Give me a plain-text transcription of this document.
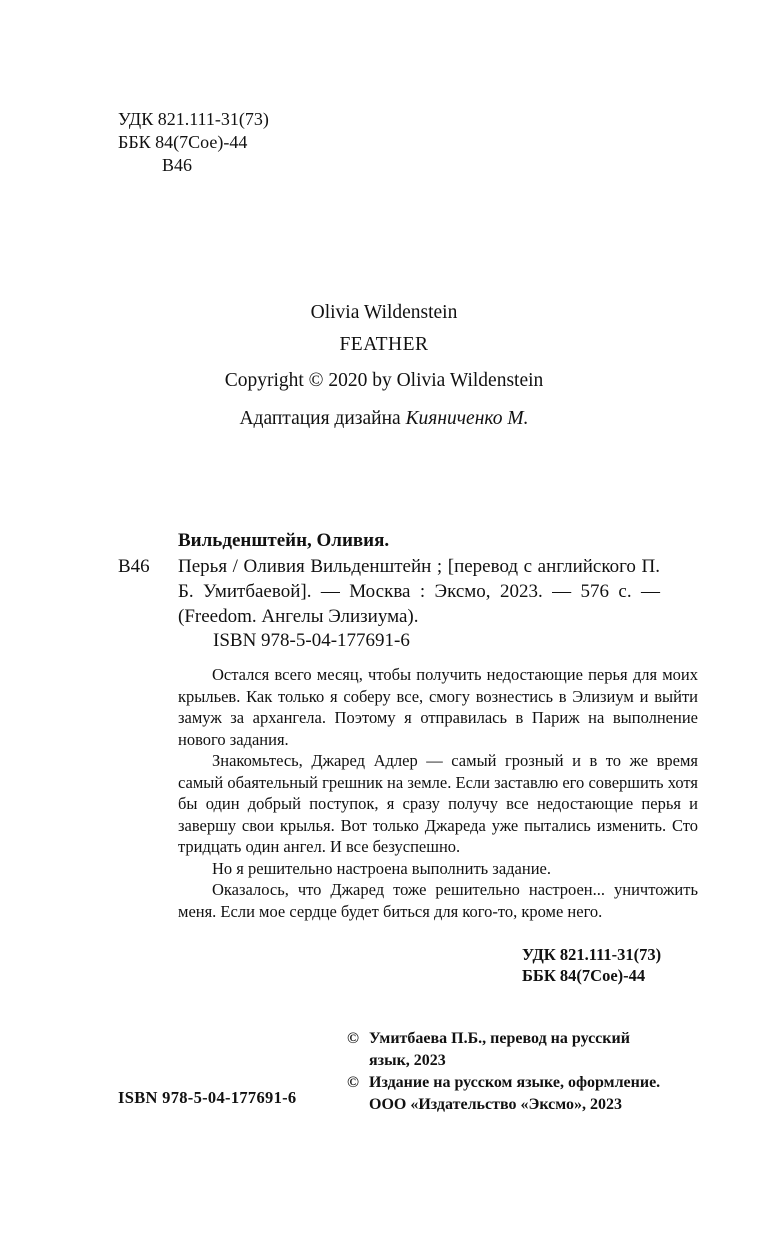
УДК 821.111-31(73)
ББК 84(7Сое)-44
В46
Olivia Wildenstein
FEATHER
Copyright © 2020 by Olivia Wildenstein
Адаптация дизайна Кияниченко М.
Вильденштейн, Оливия.
В46 Перья / Оливия Вильденштейн ; [перевод с английского П. Б. Умитбаевой]. — Москва : Эксмо, 2023. — 576 с. — (Freedom. Ангелы Элизиума).

ISBN 978-5-04-177691-6

Остался всего месяц, чтобы получить недостающие перья для моих крыльев. Как только я соберу все, смогу вознестись в Элизиум и выйти замуж за архангела. Поэтому я отправилась в Париж на выполнение нового задания.

Знакомьтесь, Джаред Адлер — самый грозный и в то же время самый обаятельный грешник на земле. Если заставлю его совершить хотя бы один добрый поступок, я сразу получу все недостающие перья и завершу свои крылья. Вот только Джареда уже пытались изменить. Сто тридцать один ангел. И все безуспешно.

Но я решительно настроена выполнить задание.

Оказалось, что Джаред тоже решительно настроен... уничтожить меня. Если мое сердце будет биться для кого-то, кроме него.

УДК 821.111-31(73)
ББК 84(7Сое)-44
© Умитбаева П.Б., перевод на русский
язык, 2023
© Издание на русском языке, оформление.
ООО «Издательство «Эксмо», 2023
ISBN 978-5-04-177691-6
